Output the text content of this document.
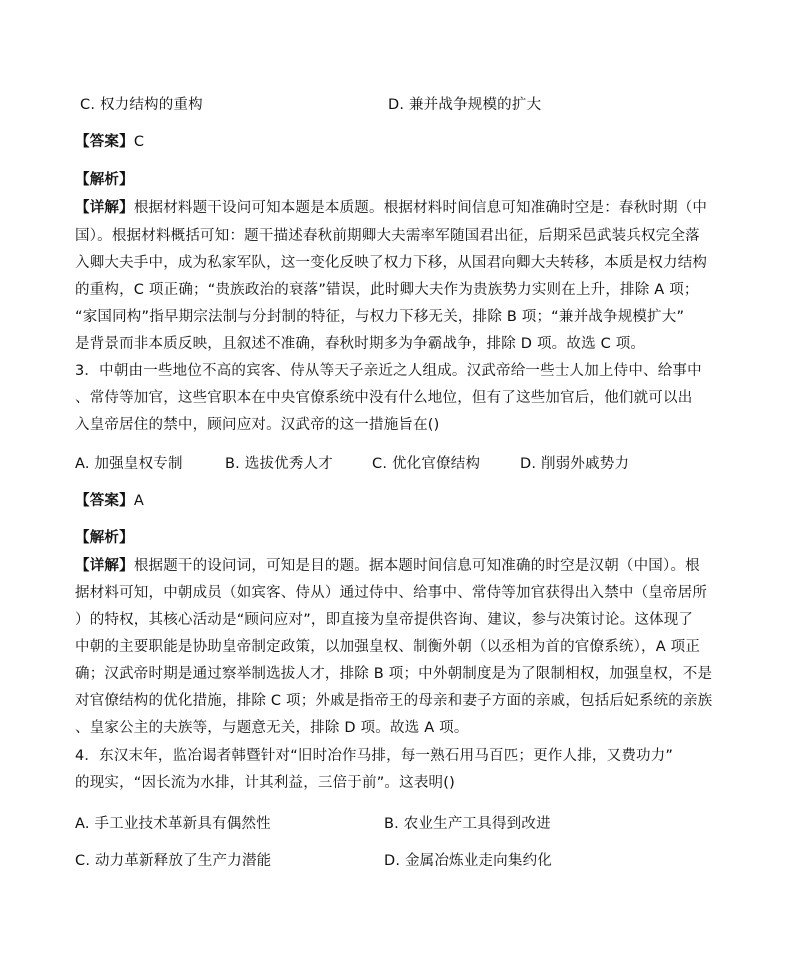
C. 权力结构的重构	D. 兼并战争规模的扩大
【答案】C
【解析】
【详解】根据材料题干设问可知本题是本质题。根据材料时间信息可知准确时空是：春秋时期（中
国）。根据材料概括可知：题干描述春秋前期卿大夫需率军随国君出征，后期采邑武装兵权完全落
入卿大夫手中，成为私家军队，这一变化反映了权力下移，从国君向卿大夫转移，本质是权力结构
的重构，C 项正确；“贵族政治的衰落”错误，此时卿大夫作为贵族势力实则在上升，排除 A 项；
“家国同构”指早期宗法制与分封制的特征，与权力下移无关，排除 B 项；“兼并战争规模扩大”
是背景而非本质反映，且叙述不准确，春秋时期多为争霸战争，排除 D 项。故选 C 项。
3．中朝由一些地位不高的宾客、侍从等天子亲近之人组成。汉武帝给一些士人加上侍中、给事中
、常侍等加官，这些官职本在中央官僚系统中没有什么地位，但有了这些加官后，他们就可以出
入皇帝居住的禁中，顾问应对。汉武帝的这一措施旨在()
A. 加强皇权专制	B. 选拔优秀人才	C. 优化官僚结构	D. 削弱外戚势力
【答案】A
【解析】
【详解】根据题干的设问词，可知是目的题。据本题时间信息可知准确的时空是汉朝（中国）。根
据材料可知，中朝成员（如宾客、侍从）通过侍中、给事中、常侍等加官获得出入禁中（皇帝居所
）的特权，其核心活动是“顾问应对”，即直接为皇帝提供咨询、建议，参与决策讨论。这体现了
中朝的主要职能是协助皇帝制定政策，以加强皇权、制衡外朝（以丞相为首的官僚系统），A 项正
确；汉武帝时期是通过察举制选拔人才，排除 B 项；中外朝制度是为了限制相权，加强皇权，不是
对官僚结构的优化措施，排除 C 项；外戚是指帝王的母亲和妻子方面的亲戚，包括后妃系统的亲族
、皇家公主的夫族等，与题意无关，排除 D 项。故选 A 项。
4．东汉末年，监冶谒者韩暨针对“旧时冶作马排，每一熟石用马百匹；更作人排，又费功力”
的现实，“因长流为水排，计其利益，三倍于前”。这表明()
A. 手工业技术革新具有偶然性	B. 农业生产工具得到改进
C. 动力革新释放了生产力潜能	D. 金属冶炼业走向集约化
